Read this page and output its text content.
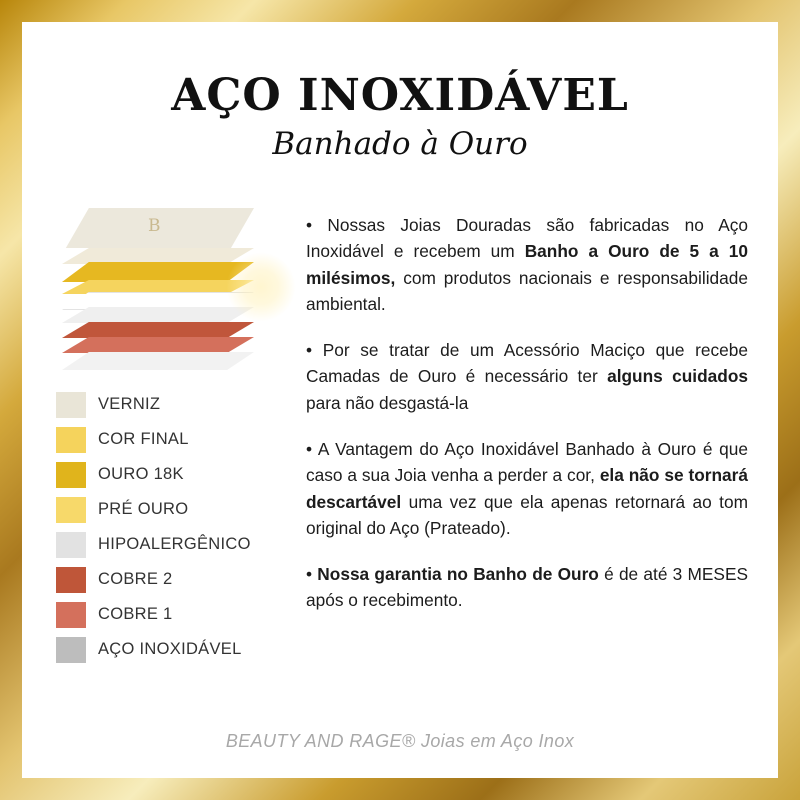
AÇO INOXIDÁVEL
Banhado à Ouro
B
VERNIZ
COR FINAL
OURO 18K
PRÉ OURO
HIPOALERGÊNICO
COBRE 2
COBRE 1
AÇO INOXIDÁVEL

• Nossas Joias Douradas são fabricadas no Aço Inoxidável e recebem um Banho a Ouro de 5 a 10 milésimos, com produtos nacionais e responsabilidade ambiental.

• Por se tratar de um Acessório Maciço que recebe Camadas de Ouro é necessário ter alguns cuidados para não desgastá-la

• A Vantagem do Aço Inoxidável Banhado à Ouro é que caso a sua Joia venha a perder a cor, ela não se tornará descartável uma vez que ela apenas retornará ao tom original do Aço (Prateado).

• Nossa garantia no Banho de Ouro é de até 3 MESES após o recebimento.

BEAUTY AND RAGE® Joias em Aço Inox
